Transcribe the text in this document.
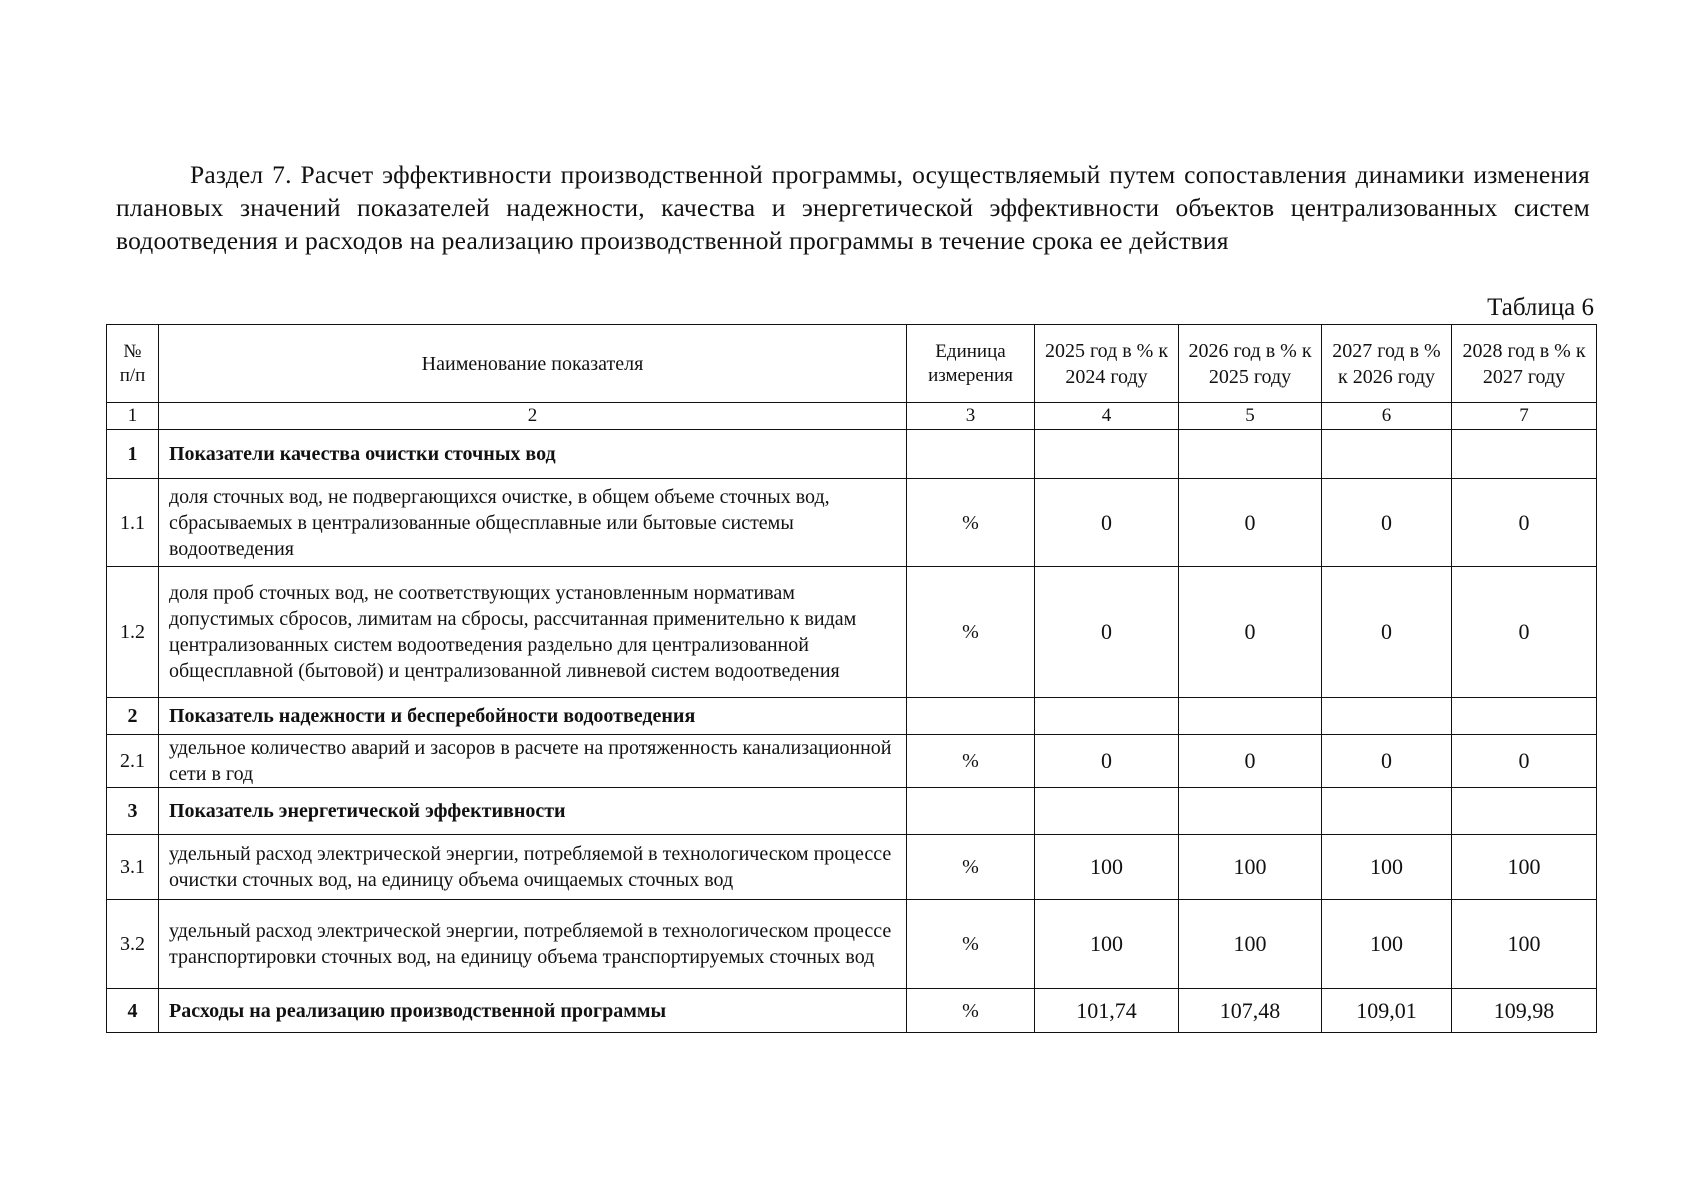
Раздел 7. Расчет эффективности производственной программы, осуществляемый путем сопоставления динамики изменения плановых значений показателей надежности, качества и энергетической эффективности объектов централизованных систем водоотведения и расходов на реализацию производственной программы в течение срока ее действия
Таблица 6
№ п/п	Наименование показателя	Единица измерения	2025 год в % к 2024 году	2026 год в % к 2025 году	2027 год в % к 2026 году	2028 год в % к 2027 году
1	2	3	4	5	6	7
1	Показатели качества очистки сточных вод					
1.1	доля сточных вод, не подвергающихся очистке, в общем объеме сточных вод, сбрасываемых в централизованные общесплавные или бытовые системы водоотведения	%	0	0	0	0
1.2	доля проб сточных вод, не соответствующих установленным нормативам допустимых сбросов, лимитам на сбросы, рассчитанная применительно к видам централизованных систем водоотведения раздельно для централизованной общесплавной (бытовой) и централизованной ливневой систем водоотведения	%	0	0	0	0
2	Показатель надежности и бесперебойности водоотведения					
2.1	удельное количество аварий и засоров в расчете на протяженность канализационной сети в год	%	0	0	0	0
3	Показатель энергетической эффективности					
3.1	удельный расход электрической энергии, потребляемой в технологическом процессе очистки сточных вод, на единицу объема очищаемых сточных вод	%	100	100	100	100
3.2	удельный расход электрической энергии, потребляемой в технологическом процессе транспортировки сточных вод, на единицу объема транспортируемых сточных вод	%	100	100	100	100
4	Расходы на реализацию производственной программы	%	101,74	107,48	109,01	109,98
